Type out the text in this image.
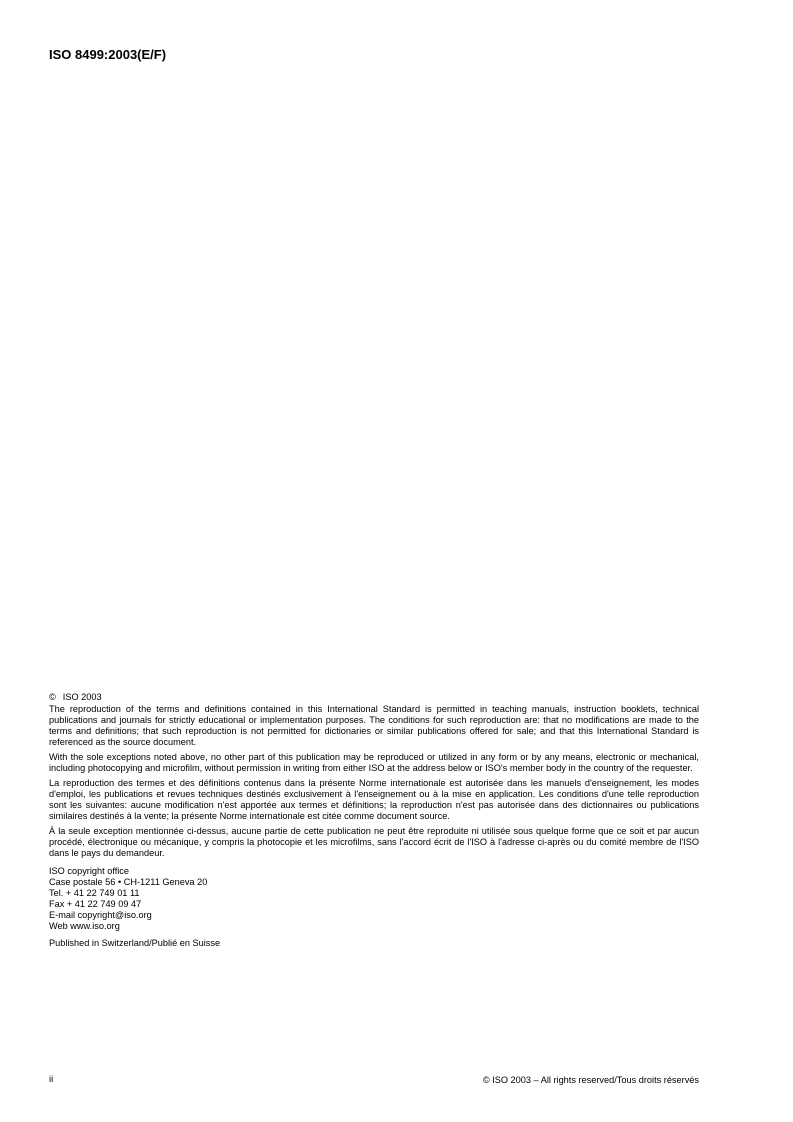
ISO 8499:2003(E/F)

© ISO 2003

The reproduction of the terms and definitions contained in this International Standard is permitted in teaching manuals, instruction booklets, technical publications and journals for strictly educational or implementation purposes. The conditions for such reproduction are: that no modifications are made to the terms and definitions; that such reproduction is not permitted for dictionaries or similar publications offered for sale; and that this International Standard is referenced as the source document.

With the sole exceptions noted above, no other part of this publication may be reproduced or utilized in any form or by any means, electronic or mechanical, including photocopying and microfilm, without permission in writing from either ISO at the address below or ISO's member body in the country of the requester.

La reproduction des termes et des définitions contenus dans la présente Norme internationale est autorisée dans les manuels d'enseignement, les modes d'emploi, les publications et revues techniques destinés exclusivement à l'enseignement ou à la mise en application. Les conditions d'une telle reproduction sont les suivantes: aucune modification n'est apportée aux termes et définitions; la reproduction n'est pas autorisée dans des dictionnaires ou publications similaires destinés à la vente; la présente Norme internationale est citée comme document source.

À la seule exception mentionnée ci-dessus, aucune partie de cette publication ne peut être reproduite ni utilisée sous quelque forme que ce soit et par aucun procédé, électronique ou mécanique, y compris la photocopie et les microfilms, sans l'accord écrit de l'ISO à l'adresse ci-après ou du comité membre de l'ISO dans le pays du demandeur.

ISO copyright office
Case postale 56 • CH-1211 Geneva 20
Tel. + 41 22 749 01 11
Fax + 41 22 749 09 47
E-mail copyright@iso.org
Web www.iso.org
Published in Switzerland/Publié en Suisse
ii	© ISO 2003 – All rights reserved/Tous droits réservés
